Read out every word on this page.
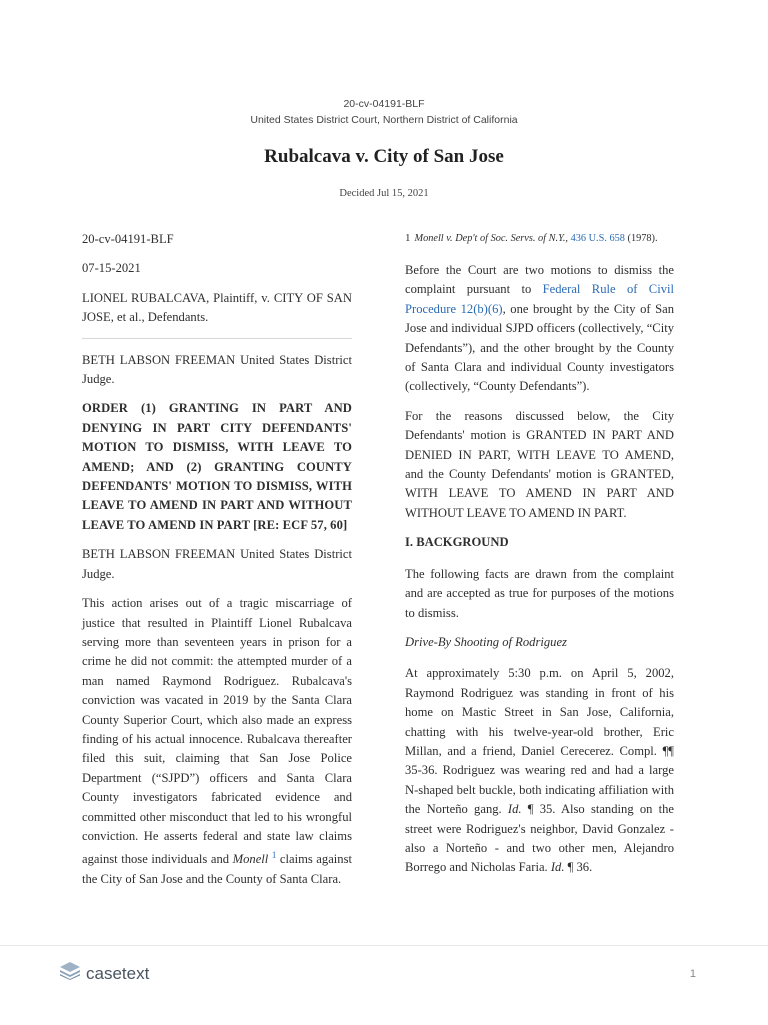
20-cv-04191-BLF
United States District Court, Northern District of California
Rubalcava v. City of San Jose
Decided Jul 15, 2021

20-cv-04191-BLF

07-15-2021

LIONEL RUBALCAVA, Plaintiff, v. CITY OF SAN JOSE, et al., Defendants.

BETH LABSON FREEMAN United States District Judge.

ORDER (1) GRANTING IN PART AND DENYING IN PART CITY DEFENDANTS' MOTION TO DISMISS, WITH LEAVE TO AMEND; AND (2) GRANTING COUNTY DEFENDANTS' MOTION TO DISMISS, WITH LEAVE TO AMEND IN PART AND WITHOUT LEAVE TO AMEND IN PART [RE: ECF 57, 60]

BETH LABSON FREEMAN United States District Judge.

This action arises out of a tragic miscarriage of justice that resulted in Plaintiff Lionel Rubalcava serving more than seventeen years in prison for a crime he did not commit: the attempted murder of a man named Raymond Rodriguez. Rubalcava's conviction was vacated in 2019 by the Santa Clara County Superior Court, which also made an express finding of his actual innocence. Rubalcava thereafter filed this suit, claiming that San Jose Police Department (“SJPD”) officers and Santa Clara County investigators fabricated evidence and committed other misconduct that led to his wrongful conviction. He asserts federal and state law claims against those individuals and Monell $^1$ claims against the City of San Jose and the County of Santa Clara.

$^1$ Monell v. Dep't of Soc. Servs. of N.Y., 436 U.S. 658 (1978).

Before the Court are two motions to dismiss the complaint pursuant to Federal Rule of Civil Procedure 12(b)(6), one brought by the City of San Jose and individual SJPD officers (collectively, “City Defendants”), and the other brought by the County of Santa Clara and individual County investigators (collectively, “County Defendants”).

For the reasons discussed below, the City Defendants' motion is GRANTED IN PART AND DENIED IN PART, WITH LEAVE TO AMEND, and the County Defendants' motion is GRANTED, WITH LEAVE TO AMEND IN PART AND WITHOUT LEAVE TO AMEND IN PART.

I. BACKGROUND

The following facts are drawn from the complaint and are accepted as true for purposes of the motions to dismiss.

Drive-By Shooting of Rodriguez

At approximately 5:30 p.m. on April 5, 2002, Raymond Rodriguez was standing in front of his home on Mastic Street in San Jose, California, chatting with his twelve-year-old brother, Eric Millan, and a friend, Daniel Cerecerez. Compl. ¶¶ 35-36. Rodriguez was wearing red and had a large N-shaped belt buckle, both indicating affiliation with the Norteño gang. Id. ¶ 35. Also standing on the street were Rodriguez's neighbor, David Gonzalez - also a Norteño - and two other men, Alejandro Borrego and Nicholas Faria. Id. ¶ 36.

casetext	1
